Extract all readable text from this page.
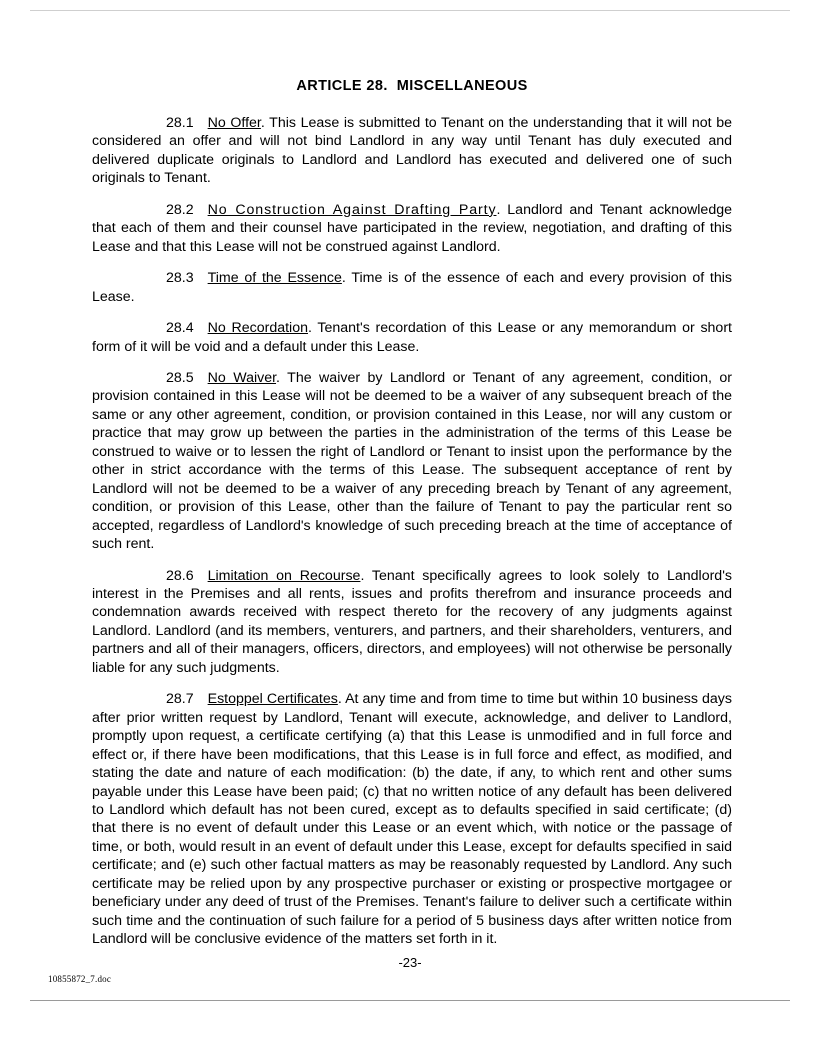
ARTICLE 28. MISCELLANEOUS

28.1 No Offer. This Lease is submitted to Tenant on the understanding that it will not be considered an offer and will not bind Landlord in any way until Tenant has duly executed and delivered duplicate originals to Landlord and Landlord has executed and delivered one of such originals to Tenant.

28.2 No Construction Against Drafting Party. Landlord and Tenant acknowledge that each of them and their counsel have participated in the review, negotiation, and drafting of this Lease and that this Lease will not be construed against Landlord.

28.3 Time of the Essence. Time is of the essence of each and every provision of this Lease.

28.4 No Recordation. Tenant's recordation of this Lease or any memorandum or short form of it will be void and a default under this Lease.

28.5 No Waiver. The waiver by Landlord or Tenant of any agreement, condition, or provision contained in this Lease will not be deemed to be a waiver of any subsequent breach of the same or any other agreement, condition, or provision contained in this Lease, nor will any custom or practice that may grow up between the parties in the administration of the terms of this Lease be construed to waive or to lessen the right of Landlord or Tenant to insist upon the performance by the other in strict accordance with the terms of this Lease. The subsequent acceptance of rent by Landlord will not be deemed to be a waiver of any preceding breach by Tenant of any agreement, condition, or provision of this Lease, other than the failure of Tenant to pay the particular rent so accepted, regardless of Landlord's knowledge of such preceding breach at the time of acceptance of such rent.

28.6 Limitation on Recourse. Tenant specifically agrees to look solely to Landlord's interest in the Premises and all rents, issues and profits therefrom and insurance proceeds and condemnation awards received with respect thereto for the recovery of any judgments against Landlord. Landlord (and its members, venturers, and partners, and their shareholders, venturers, and partners and all of their managers, officers, directors, and employees) will not otherwise be personally liable for any such judgments.

28.7 Estoppel Certificates. At any time and from time to time but within 10 business days after prior written request by Landlord, Tenant will execute, acknowledge, and deliver to Landlord, promptly upon request, a certificate certifying (a) that this Lease is unmodified and in full force and effect or, if there have been modifications, that this Lease is in full force and effect, as modified, and stating the date and nature of each modification: (b) the date, if any, to which rent and other sums payable under this Lease have been paid; (c) that no written notice of any default has been delivered to Landlord which default has not been cured, except as to defaults specified in said certificate; (d) that there is no event of default under this Lease or an event which, with notice or the passage of time, or both, would result in an event of default under this Lease, except for defaults specified in said certificate; and (e) such other factual matters as may be reasonably requested by Landlord. Any such certificate may be relied upon by any prospective purchaser or existing or prospective mortgagee or beneficiary under any deed of trust of the Premises. Tenant's failure to deliver such a certificate within such time and the continuation of such failure for a period of 5 business days after written notice from Landlord will be conclusive evidence of the matters set forth in it.

-23-
10855872_7.doc
